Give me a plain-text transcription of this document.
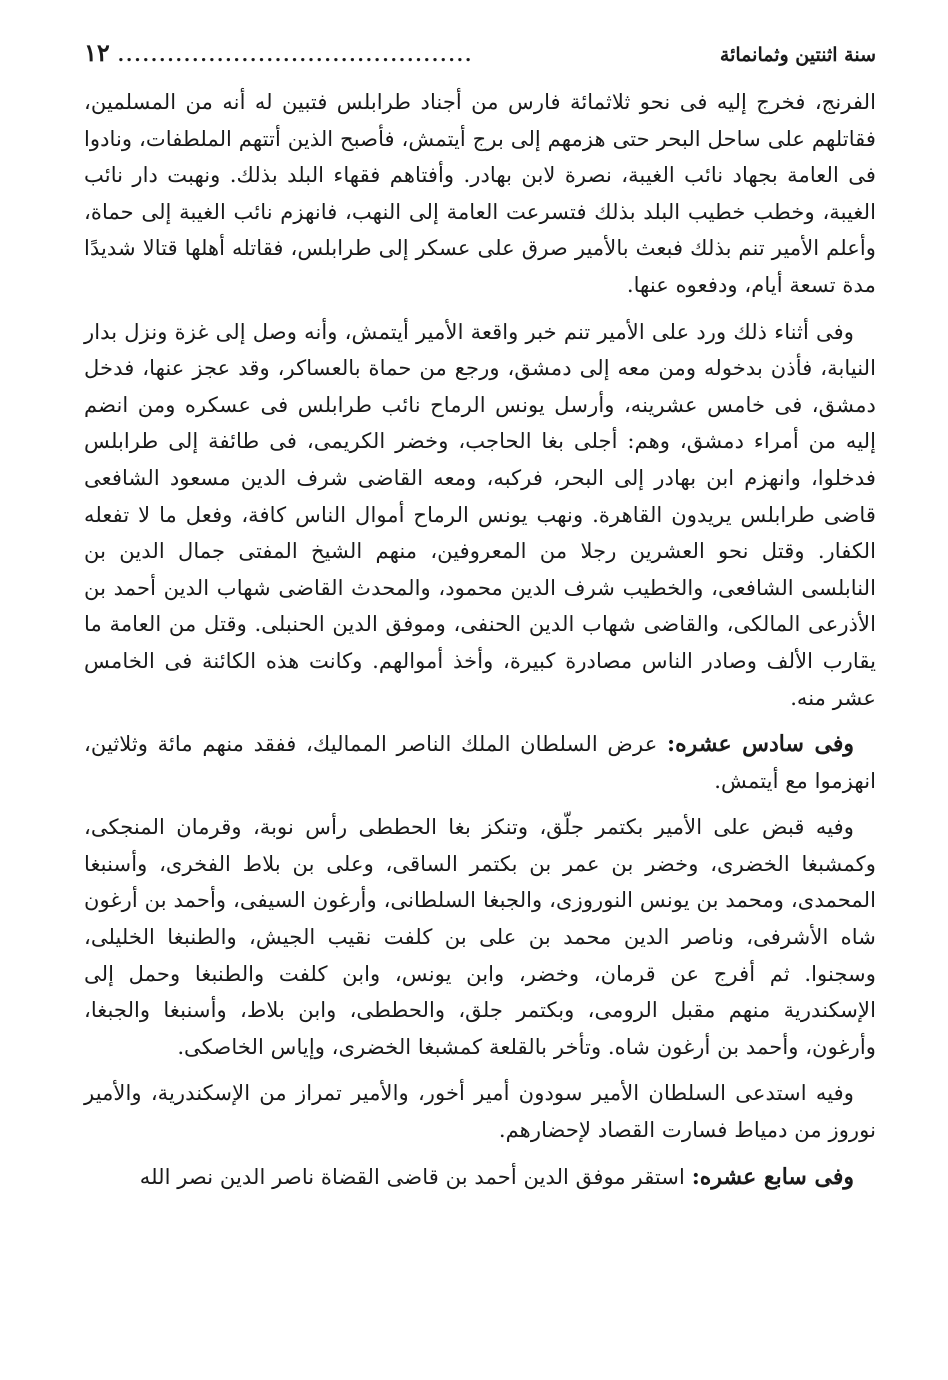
سنة اثنتين وثمانمائة
...........................................
١٢

الفرنج، فخرج إليه فى نحو ثلاثمائة فارس من أجناد طرابلس فتبين له أنه من المسلمين، فقاتلهم على ساحل البحر حتى هزمهم إلى برج أيتمش، فأصبح الذين أتتهم الملطفات، ونادوا فى العامة بجهاد نائب الغيبة، نصرة لابن بهادر. وأفتاهم فقهاء البلد بذلك. ونهبت دار نائب الغيبة، وخطب خطيب البلد بذلك فتسرعت العامة إلى النهب، فانهزم نائب الغيبة إلى حماة، وأعلم الأمير تنم بذلك فبعث بالأمير صرق على عسكر إلى طرابلس، فقاتله أهلها قتالا شديدًا مدة تسعة أيام، ودفعوه عنها.

وفى أثناء ذلك ورد على الأمير تنم خبر واقعة الأمير أيتمش، وأنه وصل إلى غزة ونزل بدار النيابة، فأذن بدخوله ومن معه إلى دمشق، ورجع من حماة بالعساكر، وقد عجز عنها، فدخل دمشق، فى خامس عشرينه، وأرسل يونس الرماح نائب طرابلس فى عسكره ومن انضم إليه من أمراء دمشق، وهم: أجلى بغا الحاجب، وخضر الكريمى، فى طائفة إلى طرابلس فدخلوا، وانهزم ابن بهادر إلى البحر، فركبه، ومعه القاضى شرف الدين مسعود الشافعى قاضى طرابلس يريدون القاهرة. ونهب يونس الرماح أموال الناس كافة، وفعل ما لا تفعله الكفار. وقتل نحو العشرين رجلا من المعروفين، منهم الشيخ المفتى جمال الدين بن النابلسى الشافعى، والخطيب شرف الدين محمود، والمحدث القاضى شهاب الدين أحمد بن الأذرعى المالكى، والقاضى شهاب الدين الحنفى، وموفق الدين الحنبلى. وقتل من العامة ما يقارب الألف وصادر الناس مصادرة كبيرة، وأخذ أموالهم. وكانت هذه الكائنة فى الخامس عشر منه.

وفى سادس عشره: عرض السلطان الملك الناصر المماليك، ففقد منهم مائة وثلاثين، انهزموا مع أيتمش.

وفيه قبض على الأمير بكتمر جلّق، وتنكز بغا الحططى رأس نوبة، وقرمان المنجكى، وكمشبغا الخضرى، وخضر بن عمر بن بكتمر الساقى، وعلى بن بلاط الفخرى، وأسنبغا المحمدى، ومحمد بن يونس النوروزى، والجبغا السلطانى، وأرغون السيفى، وأحمد بن أرغون شاه الأشرفى، وناصر الدين محمد بن على بن كلفت نقيب الجيش، والطنبغا الخليلى، وسجنوا. ثم أفرج عن قرمان، وخضر، وابن يونس، وابن كلفت والطنبغا وحمل إلى الإسكندرية منهم مقبل الرومى، وبكتمر جلق، والحططى، وابن بلاط، وأسنبغا والجبغا، وأرغون، وأحمد بن أرغون شاه. وتأخر بالقلعة كمشبغا الخضرى، وإياس الخاصكى.

وفيه استدعى السلطان الأمير سودون أمير أخور، والأمير تمراز من الإسكندرية، والأمير نوروز من دمياط فسارت القصاد لإحضارهم.

وفى سابع عشره: استقر موفق الدين أحمد بن قاضى القضاة ناصر الدين نصر الله
